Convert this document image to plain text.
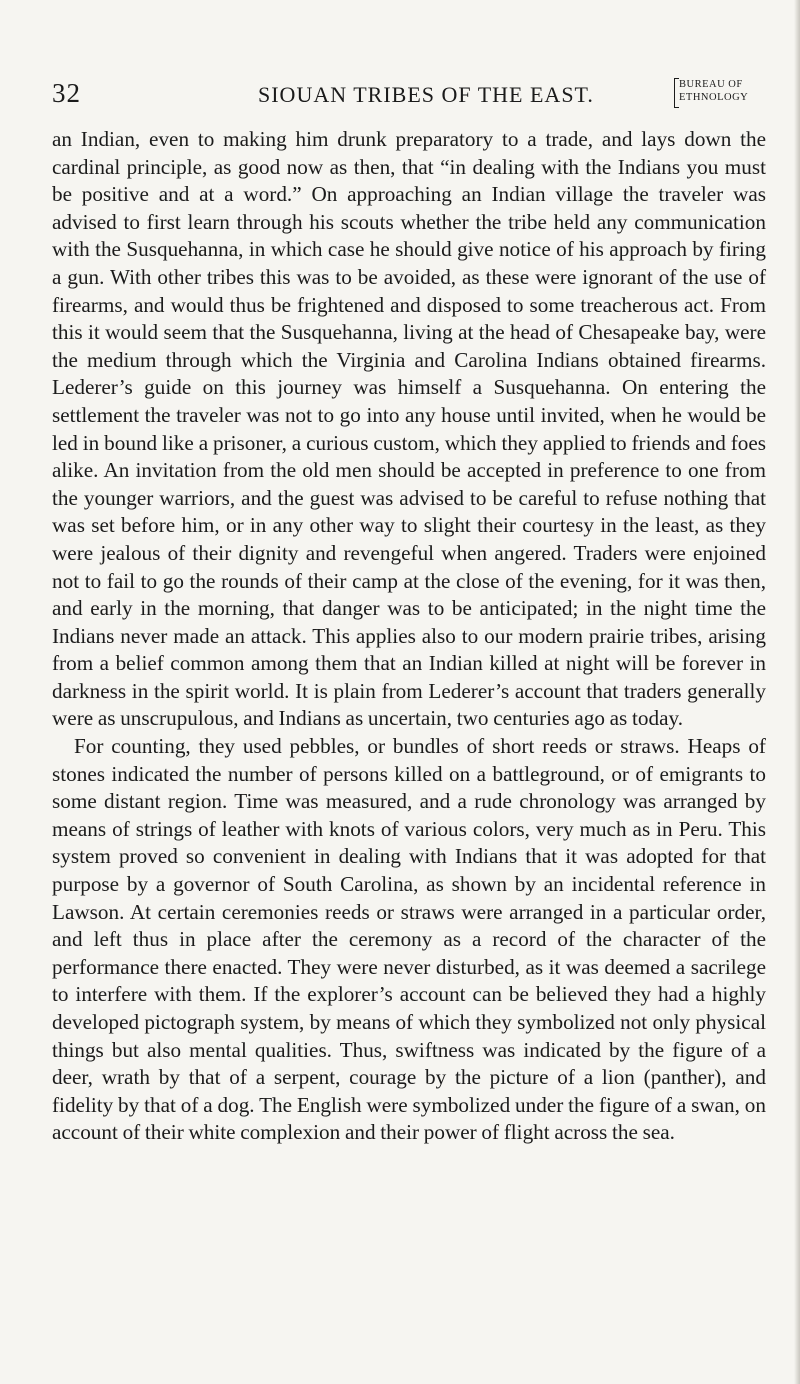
32	SIOUAN TRIBES OF THE EAST.	BUREAU OF
ETHNOLOGY

an Indian, even to making him drunk preparatory to a trade, and lays down the cardinal principle, as good now as then, that “in dealing with the Indians you must be positive and at a word.” On approaching an Indian village the traveler was advised to first learn through his scouts whether the tribe held any communication with the Susquehanna, in which case he should give notice of his approach by firing a gun. With other tribes this was to be avoided, as these were ignorant of the use of firearms, and would thus be frightened and disposed to some treacherous act. From this it would seem that the Susquehanna, living at the head of Chesapeake bay, were the medium through which the Virginia and Carolina Indians obtained firearms. Lederer’s guide on this journey was himself a Susquehanna. On entering the settlement the traveler was not to go into any house until invited, when he would be led in bound like a prisoner, a curious custom, which they applied to friends and foes alike. An invitation from the old men should be accepted in preference to one from the younger warriors, and the guest was advised to be careful to refuse nothing that was set before him, or in any other way to slight their courtesy in the least, as they were jealous of their dignity and revengeful when angered. Traders were enjoined not to fail to go the rounds of their camp at the close of the evening, for it was then, and early in the morning, that danger was to be anticipated; in the night time the Indians never made an attack. This applies also to our modern prairie tribes, arising from a belief common among them that an Indian killed at night will be forever in darkness in the spirit world. It is plain from Lederer’s account that traders generally were as unscrupulous, and Indians as uncertain, two centuries ago as today.

For counting, they used pebbles, or bundles of short reeds or straws. Heaps of stones indicated the number of persons killed on a battleground, or of emigrants to some distant region. Time was measured, and a rude chronology was arranged by means of strings of leather with knots of various colors, very much as in Peru. This system proved so convenient in dealing with Indians that it was adopted for that purpose by a governor of South Carolina, as shown by an incidental reference in Lawson. At certain ceremonies reeds or straws were arranged in a particular order, and left thus in place after the ceremony as a record of the character of the performance there enacted. They were never disturbed, as it was deemed a sacrilege to interfere with them. If the explorer’s account can be believed they had a highly developed pictograph system, by means of which they symbolized not only physical things but also mental qualities. Thus, swiftness was indicated by the figure of a deer, wrath by that of a serpent, courage by the picture of a lion (panther), and fidelity by that of a dog. The English were symbolized under the figure of a swan, on account of their white complexion and their power of flight across the sea.
